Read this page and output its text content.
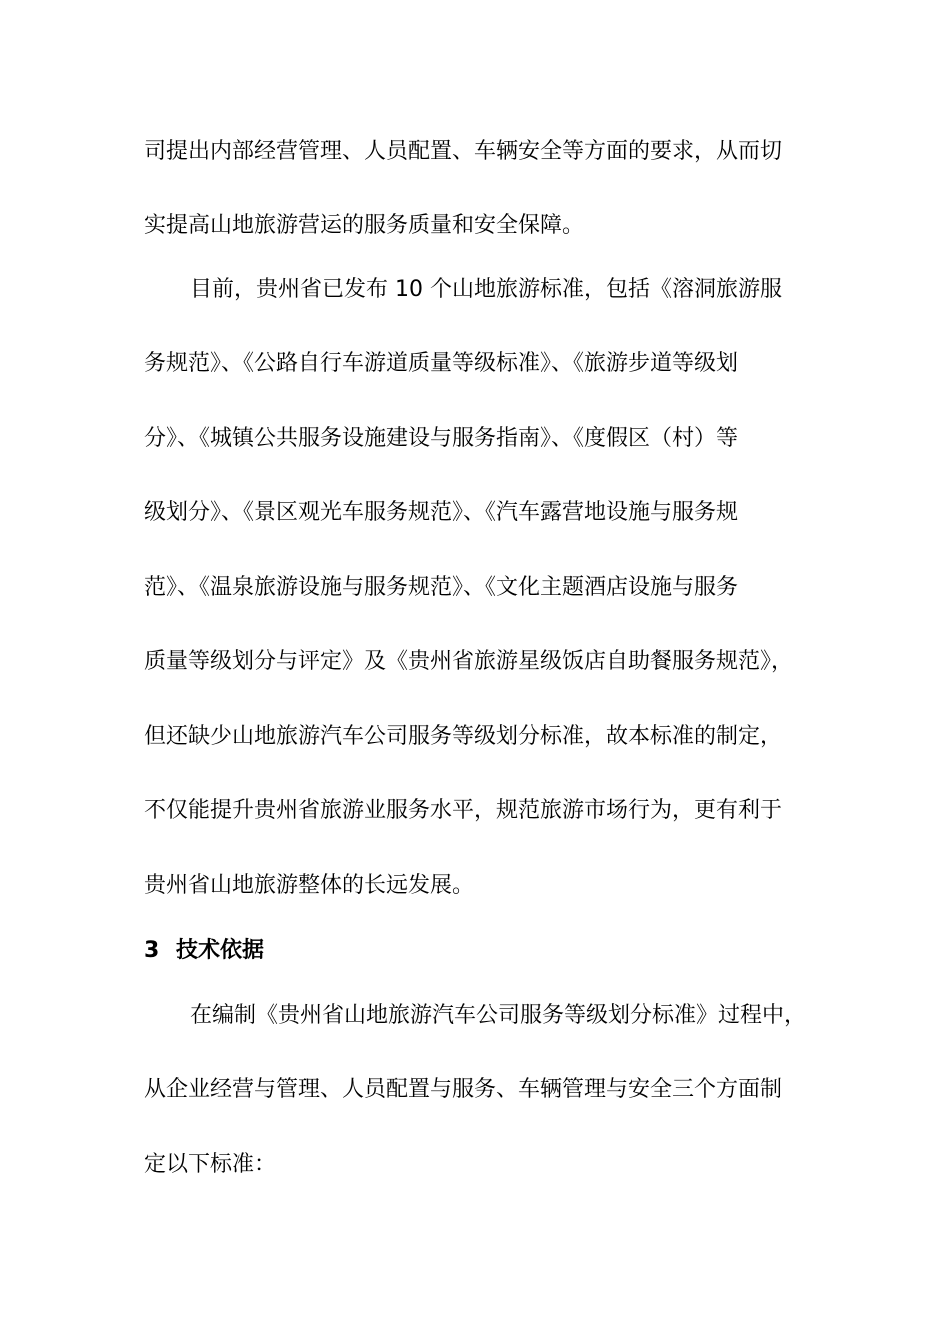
司提出内部经营管理、人员配置、车辆安全等方面的要求，从而切
实提高山地旅游营运的服务质量和安全保障。
目前，贵州省已发布 10 个山地旅游标准，包括《溶洞旅游服
务规范》、《公路自行车游道质量等级标准》、《旅游步道等级划
分》、《城镇公共服务设施建设与服务指南》、《度假区（村）等
级划分》、《景区观光车服务规范》、《汽车露营地设施与服务规
范》、《温泉旅游设施与服务规范》、《文化主题酒店设施与服务
质量等级划分与评定》及《贵州省旅游星级饭店自助餐服务规范》，
但还缺少山地旅游汽车公司服务等级划分标准，故本标准的制定，
不仅能提升贵州省旅游业服务水平，规范旅游市场行为，更有利于
贵州省山地旅游整体的长远发展。
3 技术依据
在编制《贵州省山地旅游汽车公司服务等级划分标准》过程中，
从企业经营与管理、人员配置与服务、车辆管理与安全三个方面制
定以下标准：
